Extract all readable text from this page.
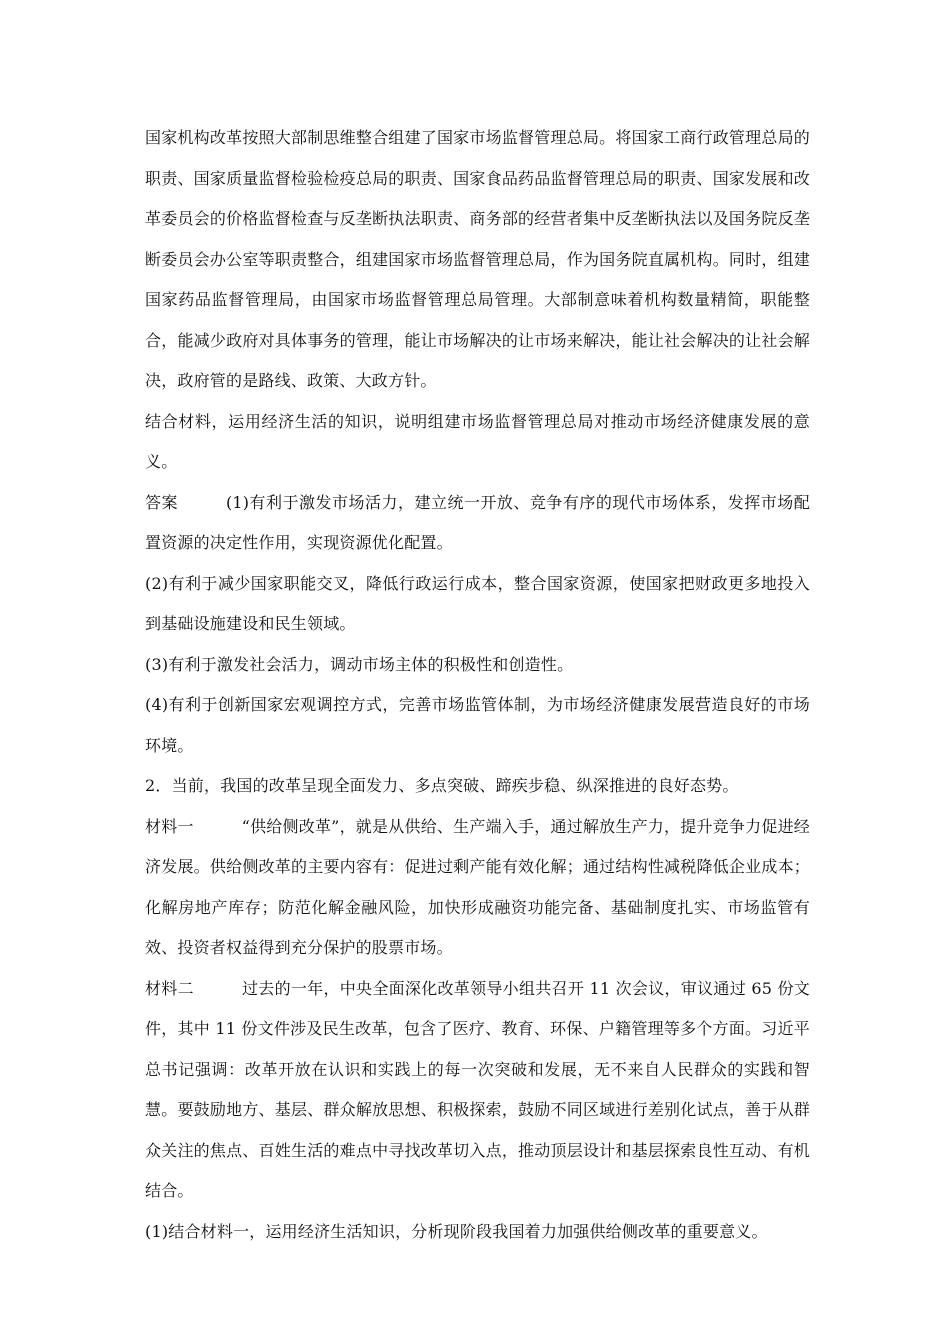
国家机构改革按照大部制思维整合组建了国家市场监督管理总局。将国家工商行政管理总局的职责、国家质量监督检验检疫总局的职责、国家食品药品监督管理总局的职责、国家发展和改革委员会的价格监督检查与反垄断执法职责、商务部的经营者集中反垄断执法以及国务院反垄断委员会办公室等职责整合，组建国家市场监督管理总局，作为国务院直属机构。同时，组建国家药品监督管理局，由国家市场监督管理总局管理。大部制意味着机构数量精简，职能整合，能减少政府对具体事务的管理，能让市场解决的让市场来解决，能让社会解决的让社会解决，政府管的是路线、政策、大政方针。

结合材料，运用经济生活的知识，说明组建市场监督管理总局对推动市场经济健康发展的意义。

答案	(1)有利于激发市场活力，建立统一开放、竞争有序的现代市场体系，发挥市场配置资源的决定性作用，实现资源优化配置。

(2)有利于减少国家职能交叉，降低行政运行成本，整合国家资源，使国家把财政更多地投入到基础设施建设和民生领域。

(3)有利于激发社会活力，调动市场主体的积极性和创造性。

(4)有利于创新国家宏观调控方式，完善市场监管体制，为市场经济健康发展营造良好的市场环境。

2．当前，我国的改革呈现全面发力、多点突破、蹄疾步稳、纵深推进的良好态势。

材料一	“供给侧改革”，就是从供给、生产端入手，通过解放生产力，提升竞争力促进经济发展。供给侧改革的主要内容有：促进过剩产能有效化解；通过结构性减税降低企业成本；化解房地产库存；防范化解金融风险，加快形成融资功能完备、基础制度扎实、市场监管有效、投资者权益得到充分保护的股票市场。

材料二	过去的一年，中央全面深化改革领导小组共召开 11 次会议，审议通过 65 份文件，其中 11 份文件涉及民生改革，包含了医疗、教育、环保、户籍管理等多个方面。习近平总书记强调：改革开放在认识和实践上的每一次突破和发展，无不来自人民群众的实践和智慧。要鼓励地方、基层、群众解放思想、积极探索，鼓励不同区域进行差别化试点，善于从群众关注的焦点、百姓生活的难点中寻找改革切入点，推动顶层设计和基层探索良性互动、有机结合。

(1)结合材料一，运用经济生活知识，分析现阶段我国着力加强供给侧改革的重要意义。
